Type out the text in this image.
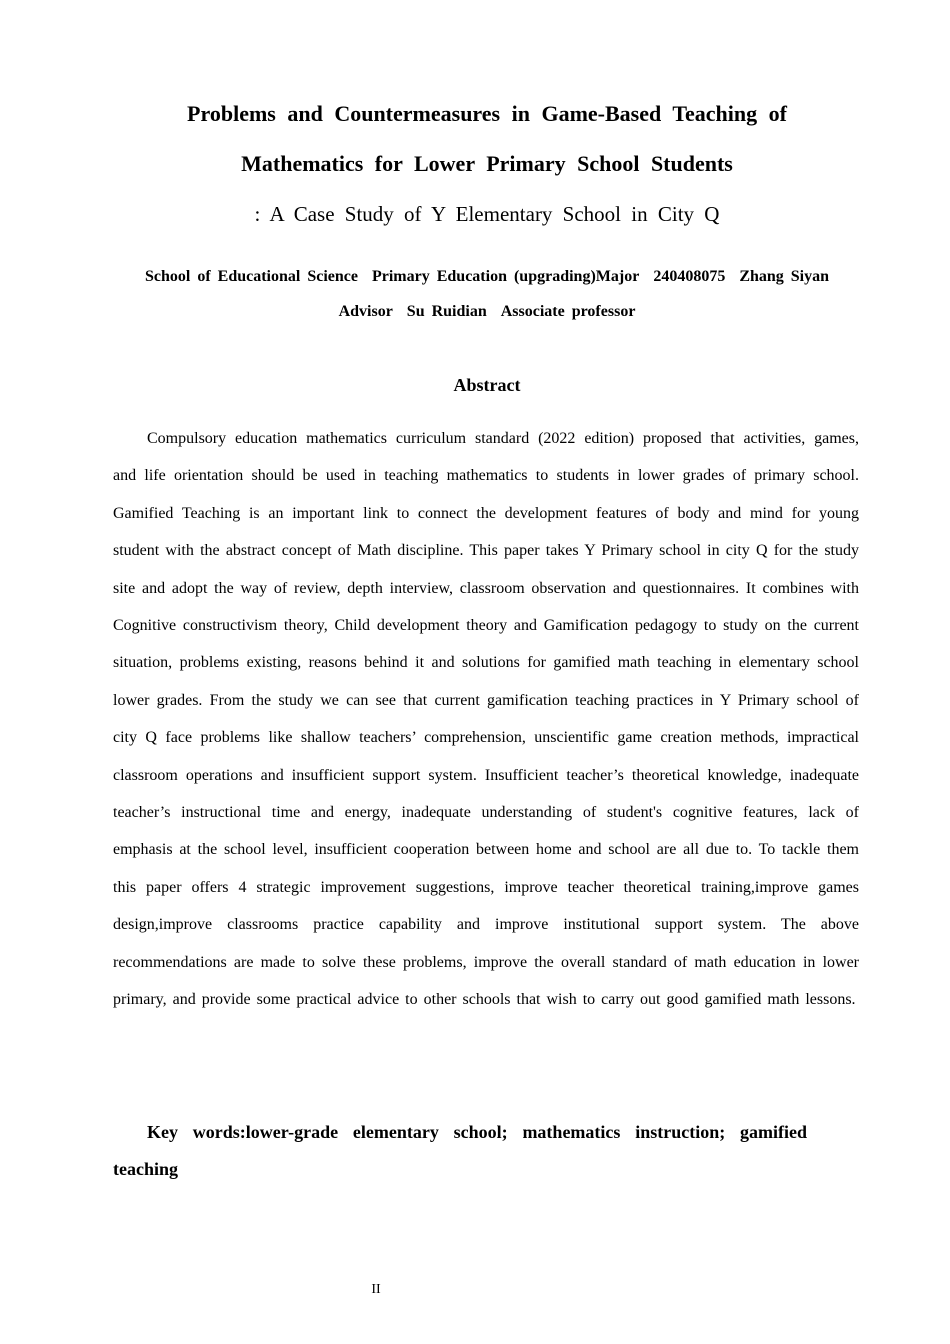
Problems and Countermeasures in Game-Based Teaching of
Mathematics for Lower Primary School Students
: A Case Study of Y Elementary School in City Q
School of Educational Science Primary Education (upgrading)Major 240408075 Zhang Siyan
Advisor Su Ruidian Associate professor
Abstract

Compulsory education mathematics curriculum standard (2022 edition) proposed that activities, games, and life orientation should be used in teaching mathematics to students in lower grades of primary school. Gamified Teaching is an important link to connect the development features of body and mind for young student with the abstract concept of Math discipline. This paper takes Y Primary school in city Q for the study site and adopt the way of review, depth interview, classroom observation and questionnaires. It combines with Cognitive constructivism theory, Child development theory and Gamification pedagogy to study on the current situation, problems existing, reasons behind it and solutions for gamified math teaching in elementary school lower grades. From the study we can see that current gamification teaching practices in Y Primary school of city Q face problems like shallow teachers’ comprehension, unscientific game creation methods, impractical classroom operations and insufficient support system. Insufficient teacher’s theoretical knowledge, inadequate teacher’s instructional time and energy, inadequate understanding of student's cognitive features, lack of emphasis at the school level, insufficient cooperation between home and school are all due to. To tackle them this paper offers 4 strategic improvement suggestions, improve teacher theoretical training,improve games design,improve classrooms practice capability and improve institutional support system. The above recommendations are made to solve these problems, improve the overall standard of math education in lower primary, and provide some practical advice to other schools that wish to carry out good gamified math lessons.

Key words:lower-grade elementary school; mathematics instruction; gamified teaching

II
